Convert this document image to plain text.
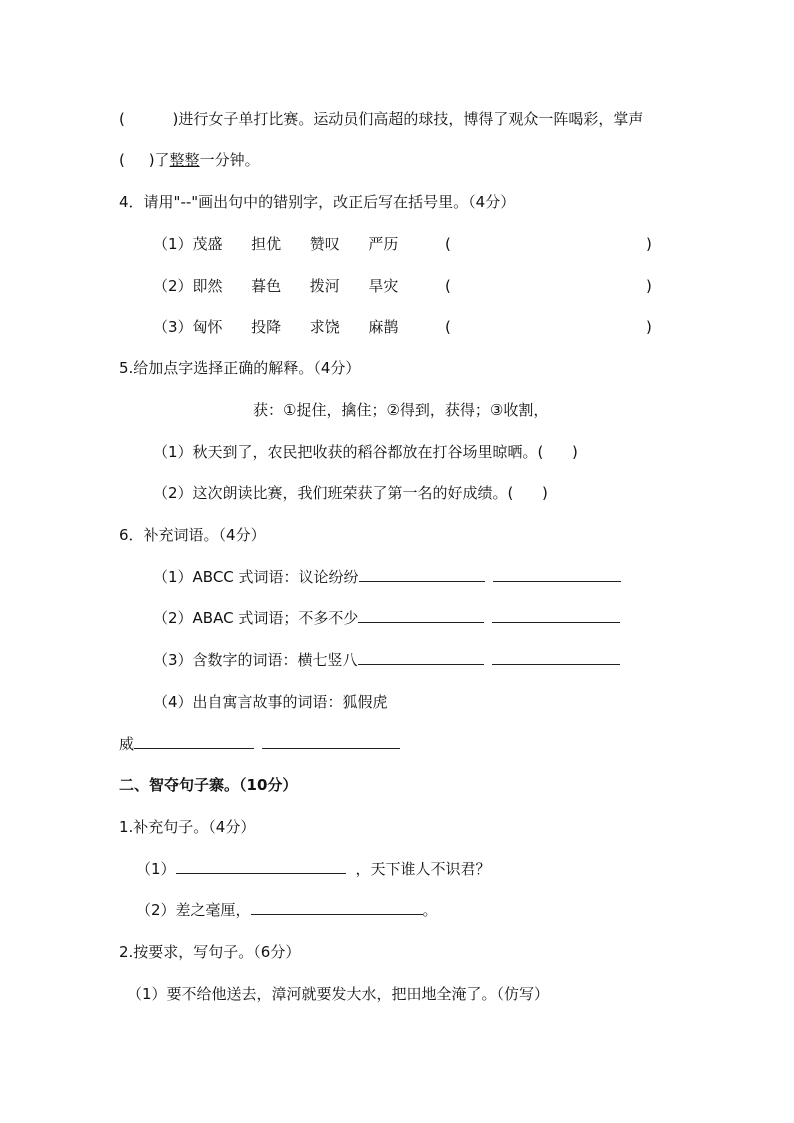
(          )进行女子单打比赛。运动员们高超的球技，博得了观众一阵喝彩，掌声
(     )了整整一分钟。
4．请用"--"画出句中的错别字，改正后写在括号里。（4分）
（1）茂盛      担优      赞叹      严历	(	)
（2）即然      暮色      拨河      旱灾	(	)
（3）匈怀      投降      求饶      麻鹊	(	)
5.给加点字选择正确的解释。（4分）
获：①捉住，擒住；②得到，获得；③收割，
（1）秋天到了，农民把收获的稻谷都放在打谷场里晾晒。(      )
（2）这次朗读比赛，我们班荣获了第一名的好成绩。(      )
6．补充词语。（4分）
（1）ABCC 式词语：议论纷纷
（2）ABAC 式词语；不多不少
（3）含数字的词语：横七竖八
（4）出自寓言故事的词语：狐假虎
威
二、智夺句子寨。（10分）
1.补充句子。（4分）
（1）	，天下谁人不识君？
（2）差之毫厘，	。
2.按要求，写句子。（6分）
（1）要不给他送去，漳河就要发大水，把田地全淹了。（仿写）
